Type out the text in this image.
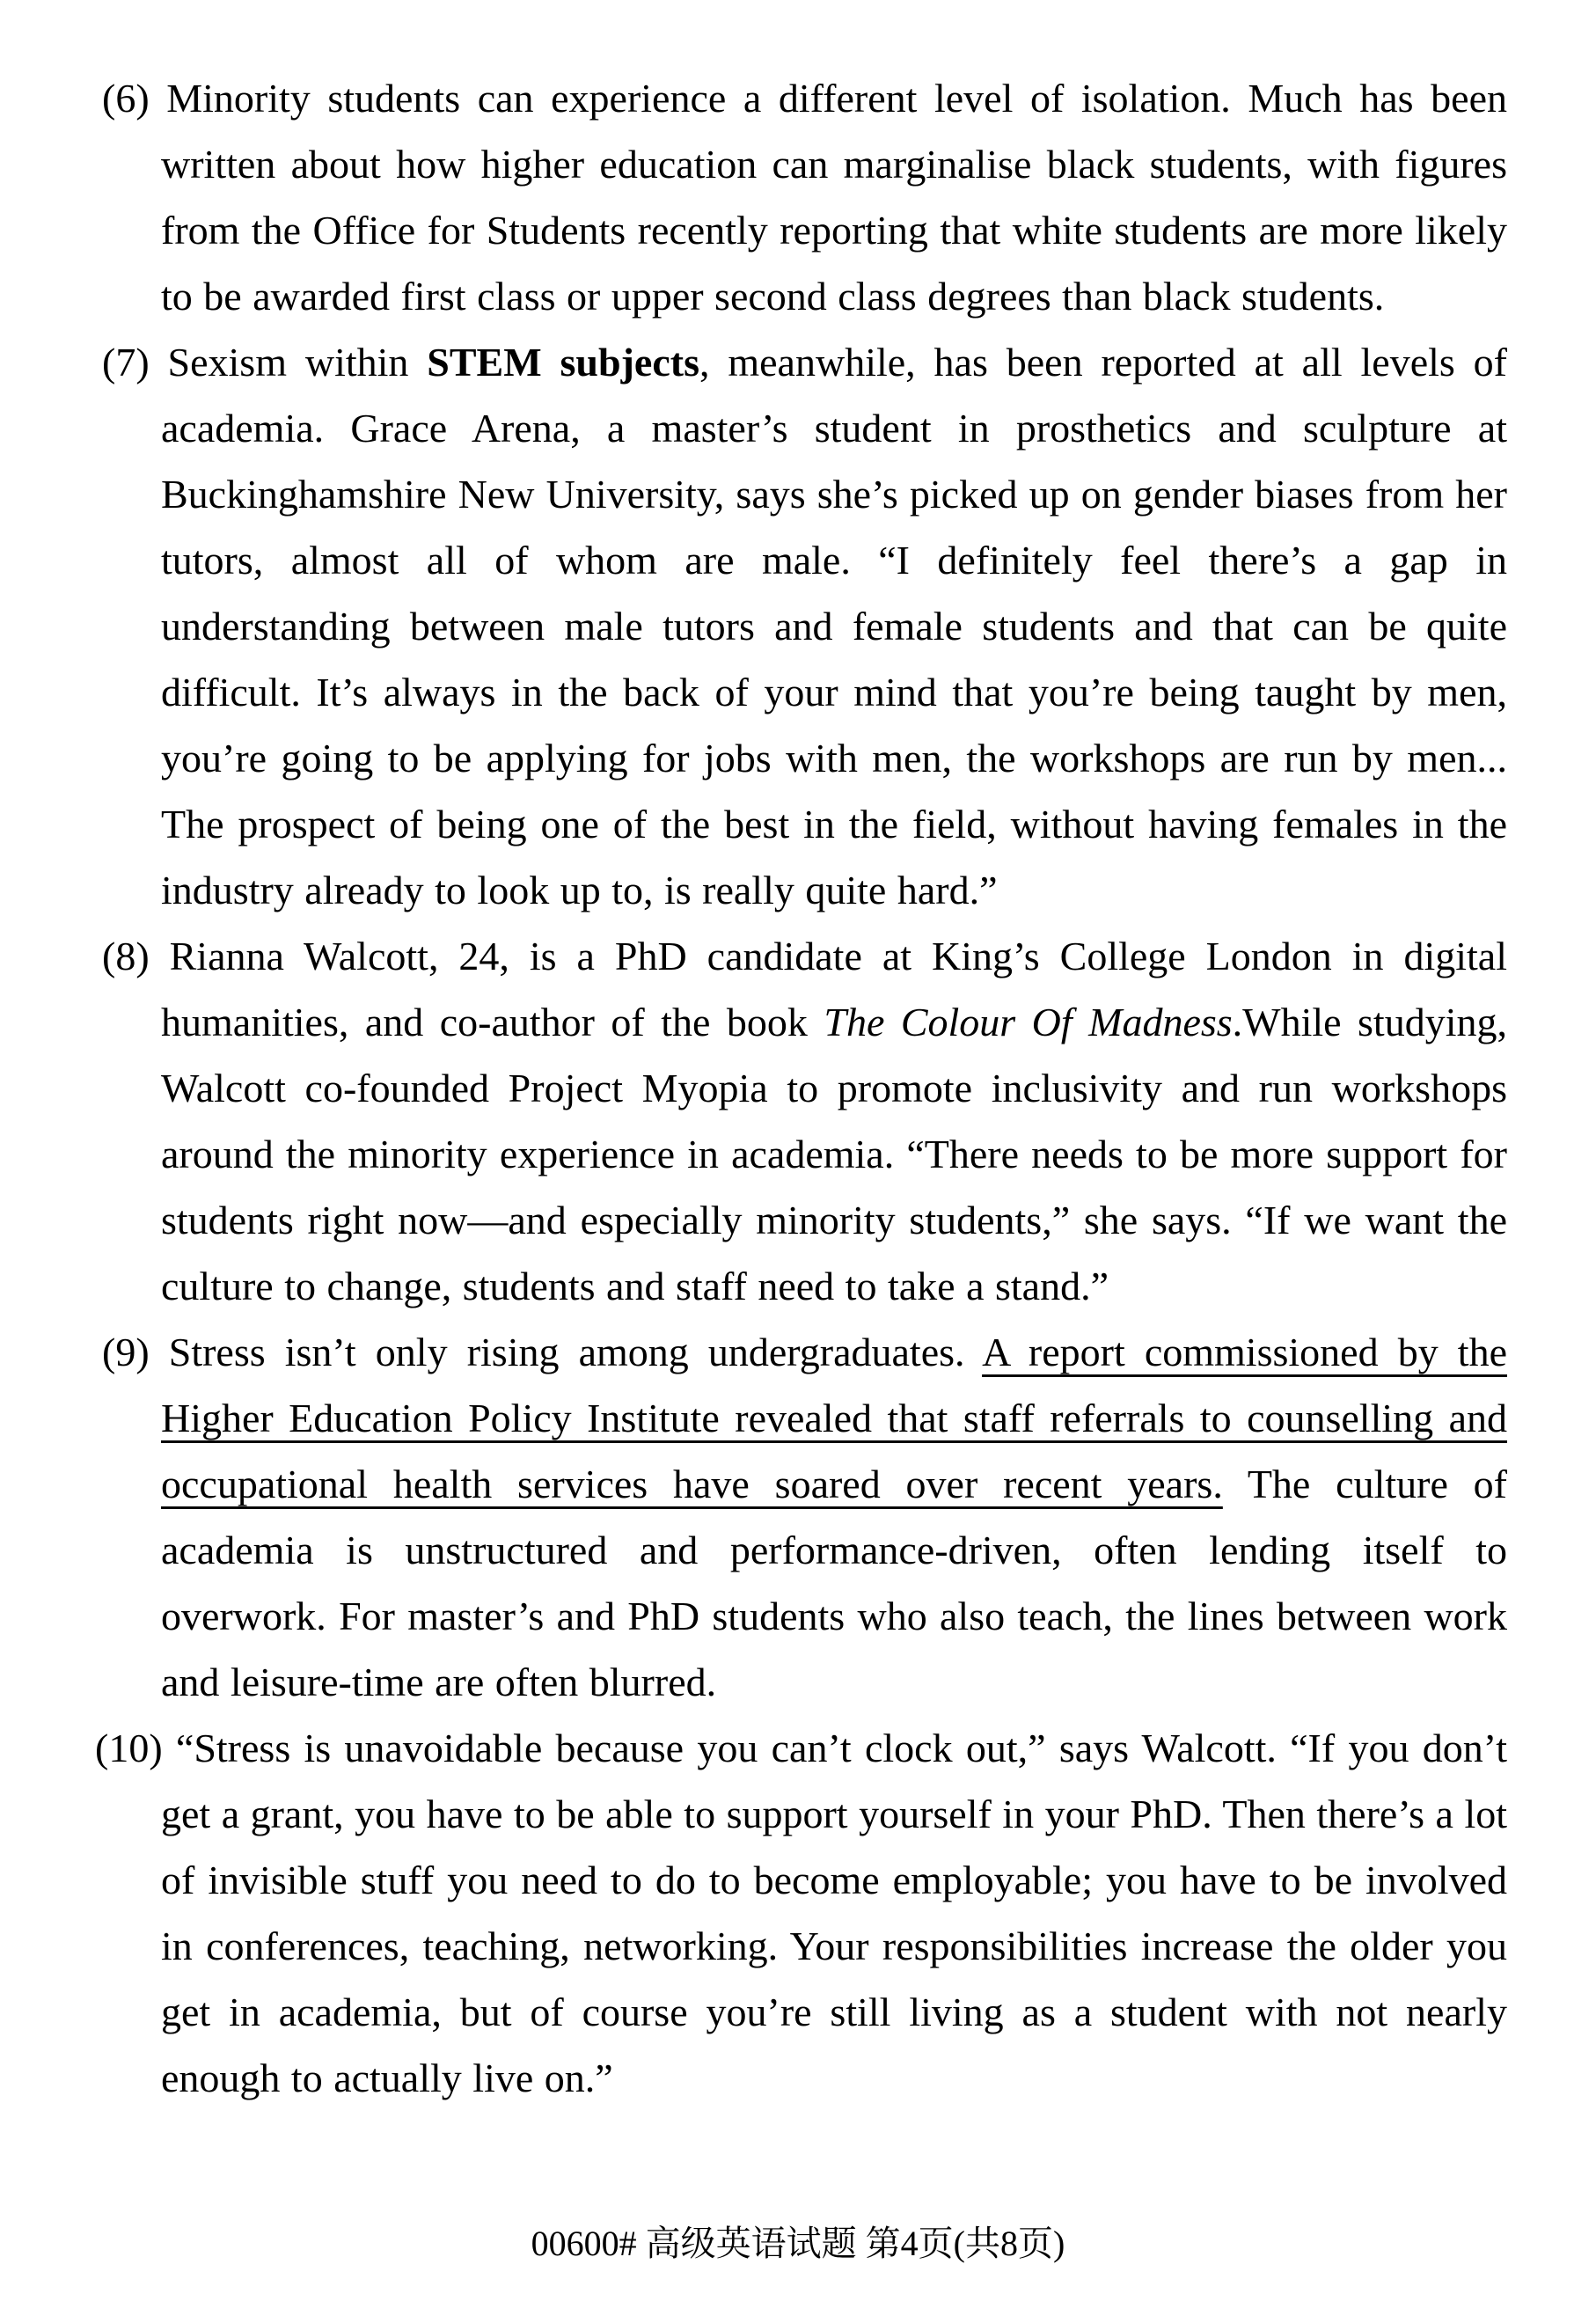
(6) Minority students can experience a different level of isolation. Much has been written about how higher education can marginalise black students, with figures from the Office for Students recently reporting that white students are more likely to be awarded first class or upper second class degrees than black students.

(7) Sexism within STEM subjects, meanwhile, has been reported at all levels of academia. Grace Arena, a master’s student in prosthetics and sculpture at Buckinghamshire New University, says she’s picked up on gender biases from her tutors, almost all of whom are male. “I definitely feel there’s a gap in understanding between male tutors and female students and that can be quite difficult. It’s always in the back of your mind that you’re being taught by men, you’re going to be applying for jobs with men, the workshops are run by men... The prospect of being one of the best in the field, without having females in the industry already to look up to, is really quite hard.”

(8) Rianna Walcott, 24, is a PhD candidate at King’s College London in digital humanities, and co-author of the book The Colour Of Madness.While studying, Walcott co-founded Project Myopia to promote inclusivity and run workshops around the minority experience in academia. “There needs to be more support for students right now—and especially minority students,” she says. “If we want the culture to change, students and staff need to take a stand.”

(9) Stress isn’t only rising among undergraduates. A report commissioned by the Higher Education Policy Institute revealed that staff referrals to counselling and occupational health services have soared over recent years. The culture of academia is unstructured and performance-driven, often lending itself to overwork. For master’s and PhD students who also teach, the lines between work and leisure-time are often blurred.

(10) “Stress is unavoidable because you can’t clock out,” says Walcott. “If you don’t get a grant, you have to be able to support yourself in your PhD. Then there’s a lot of invisible stuff you need to do to become employable; you have to be involved in conferences, teaching, networking. Your responsibilities increase the older you get in academia, but of course you’re still living as a student with not nearly enough to actually live on.”

00600# 高级英语试题 第4页(共8页)
